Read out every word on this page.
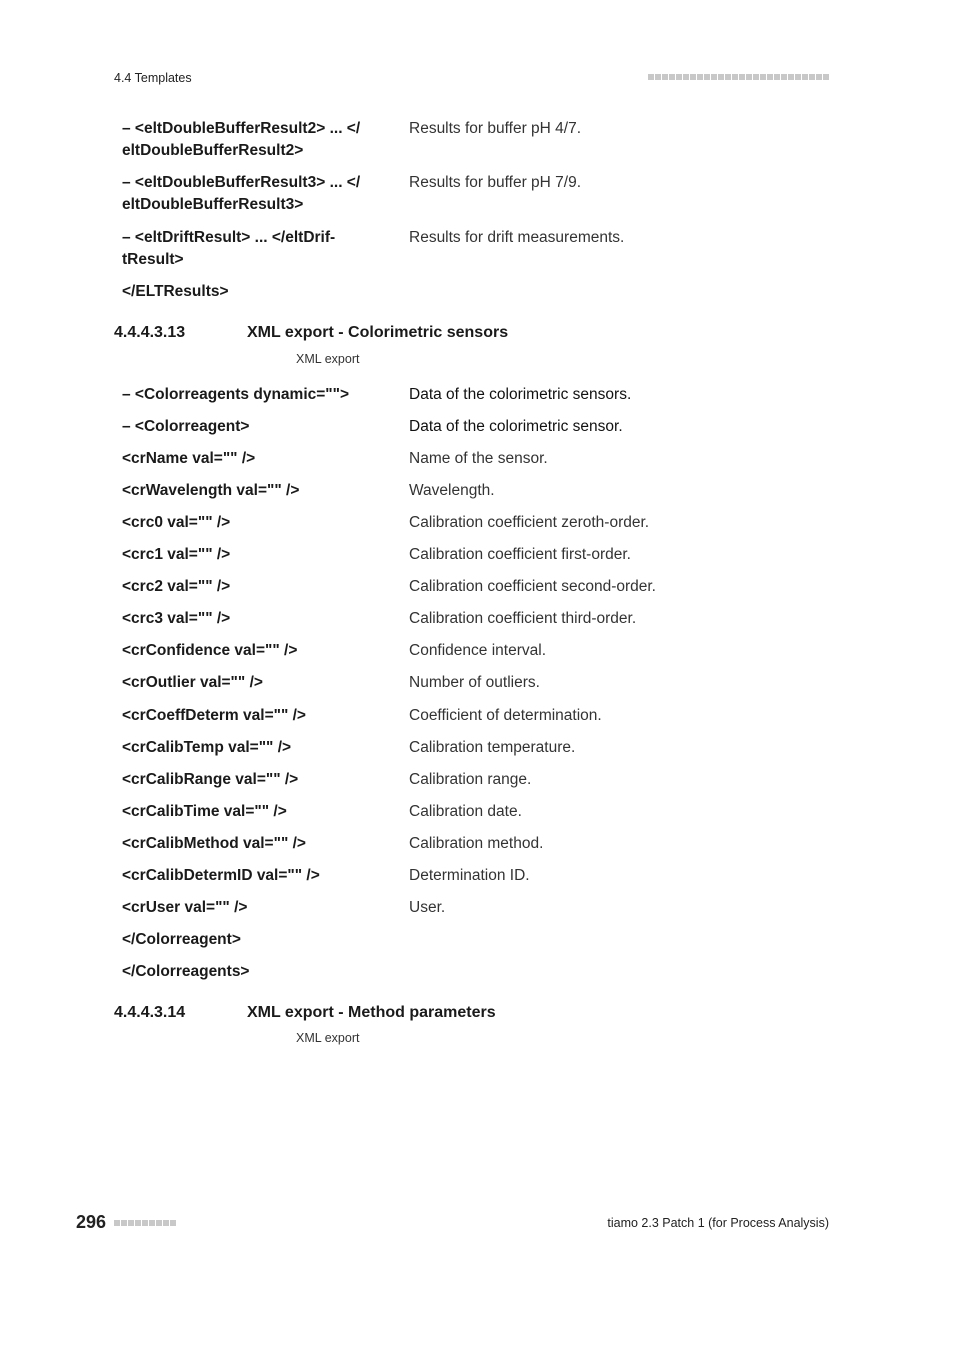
4.4 Templates
– <eltDoubleBufferResult2> ... </ eltDoubleBufferResult2>
Results for buffer pH 4/7.
– <eltDoubleBufferResult3> ... </ eltDoubleBufferResult3>
Results for buffer pH 7/9.
– <eltDriftResult> ... </eltDrif- tResult>
Results for drift measurements.
</ELTResults>
4.4.4.3.13	XML export - Colorimetric sensors
XML export
– <Colorreagents dynamic="">	Data of the colorimetric sensors.
– <Colorreagent>	Data of the colorimetric sensor.
<crName val="" />	Name of the sensor.
<crWavelength val="" />	Wavelength.
<crc0 val="" />	Calibration coefficient zeroth-order.
<crc1 val="" />	Calibration coefficient first-order.
<crc2 val="" />	Calibration coefficient second-order.
<crc3 val="" />	Calibration coefficient third-order.
<crConfidence val="" />	Confidence interval.
<crOutlier val="" />	Number of outliers.
<crCoeffDeterm val="" />	Coefficient of determination.
<crCalibTemp val="" />	Calibration temperature.
<crCalibRange val="" />	Calibration range.
<crCalibTime val="" />	Calibration date.
<crCalibMethod val="" />	Calibration method.
<crCalibDetermID val="" />	Determination ID.
<crUser val="" />	User.
</Colorreagent>
</Colorreagents>
4.4.4.3.14	XML export - Method parameters
XML export
296	tiamo 2.3 Patch 1 (for Process Analysis)
